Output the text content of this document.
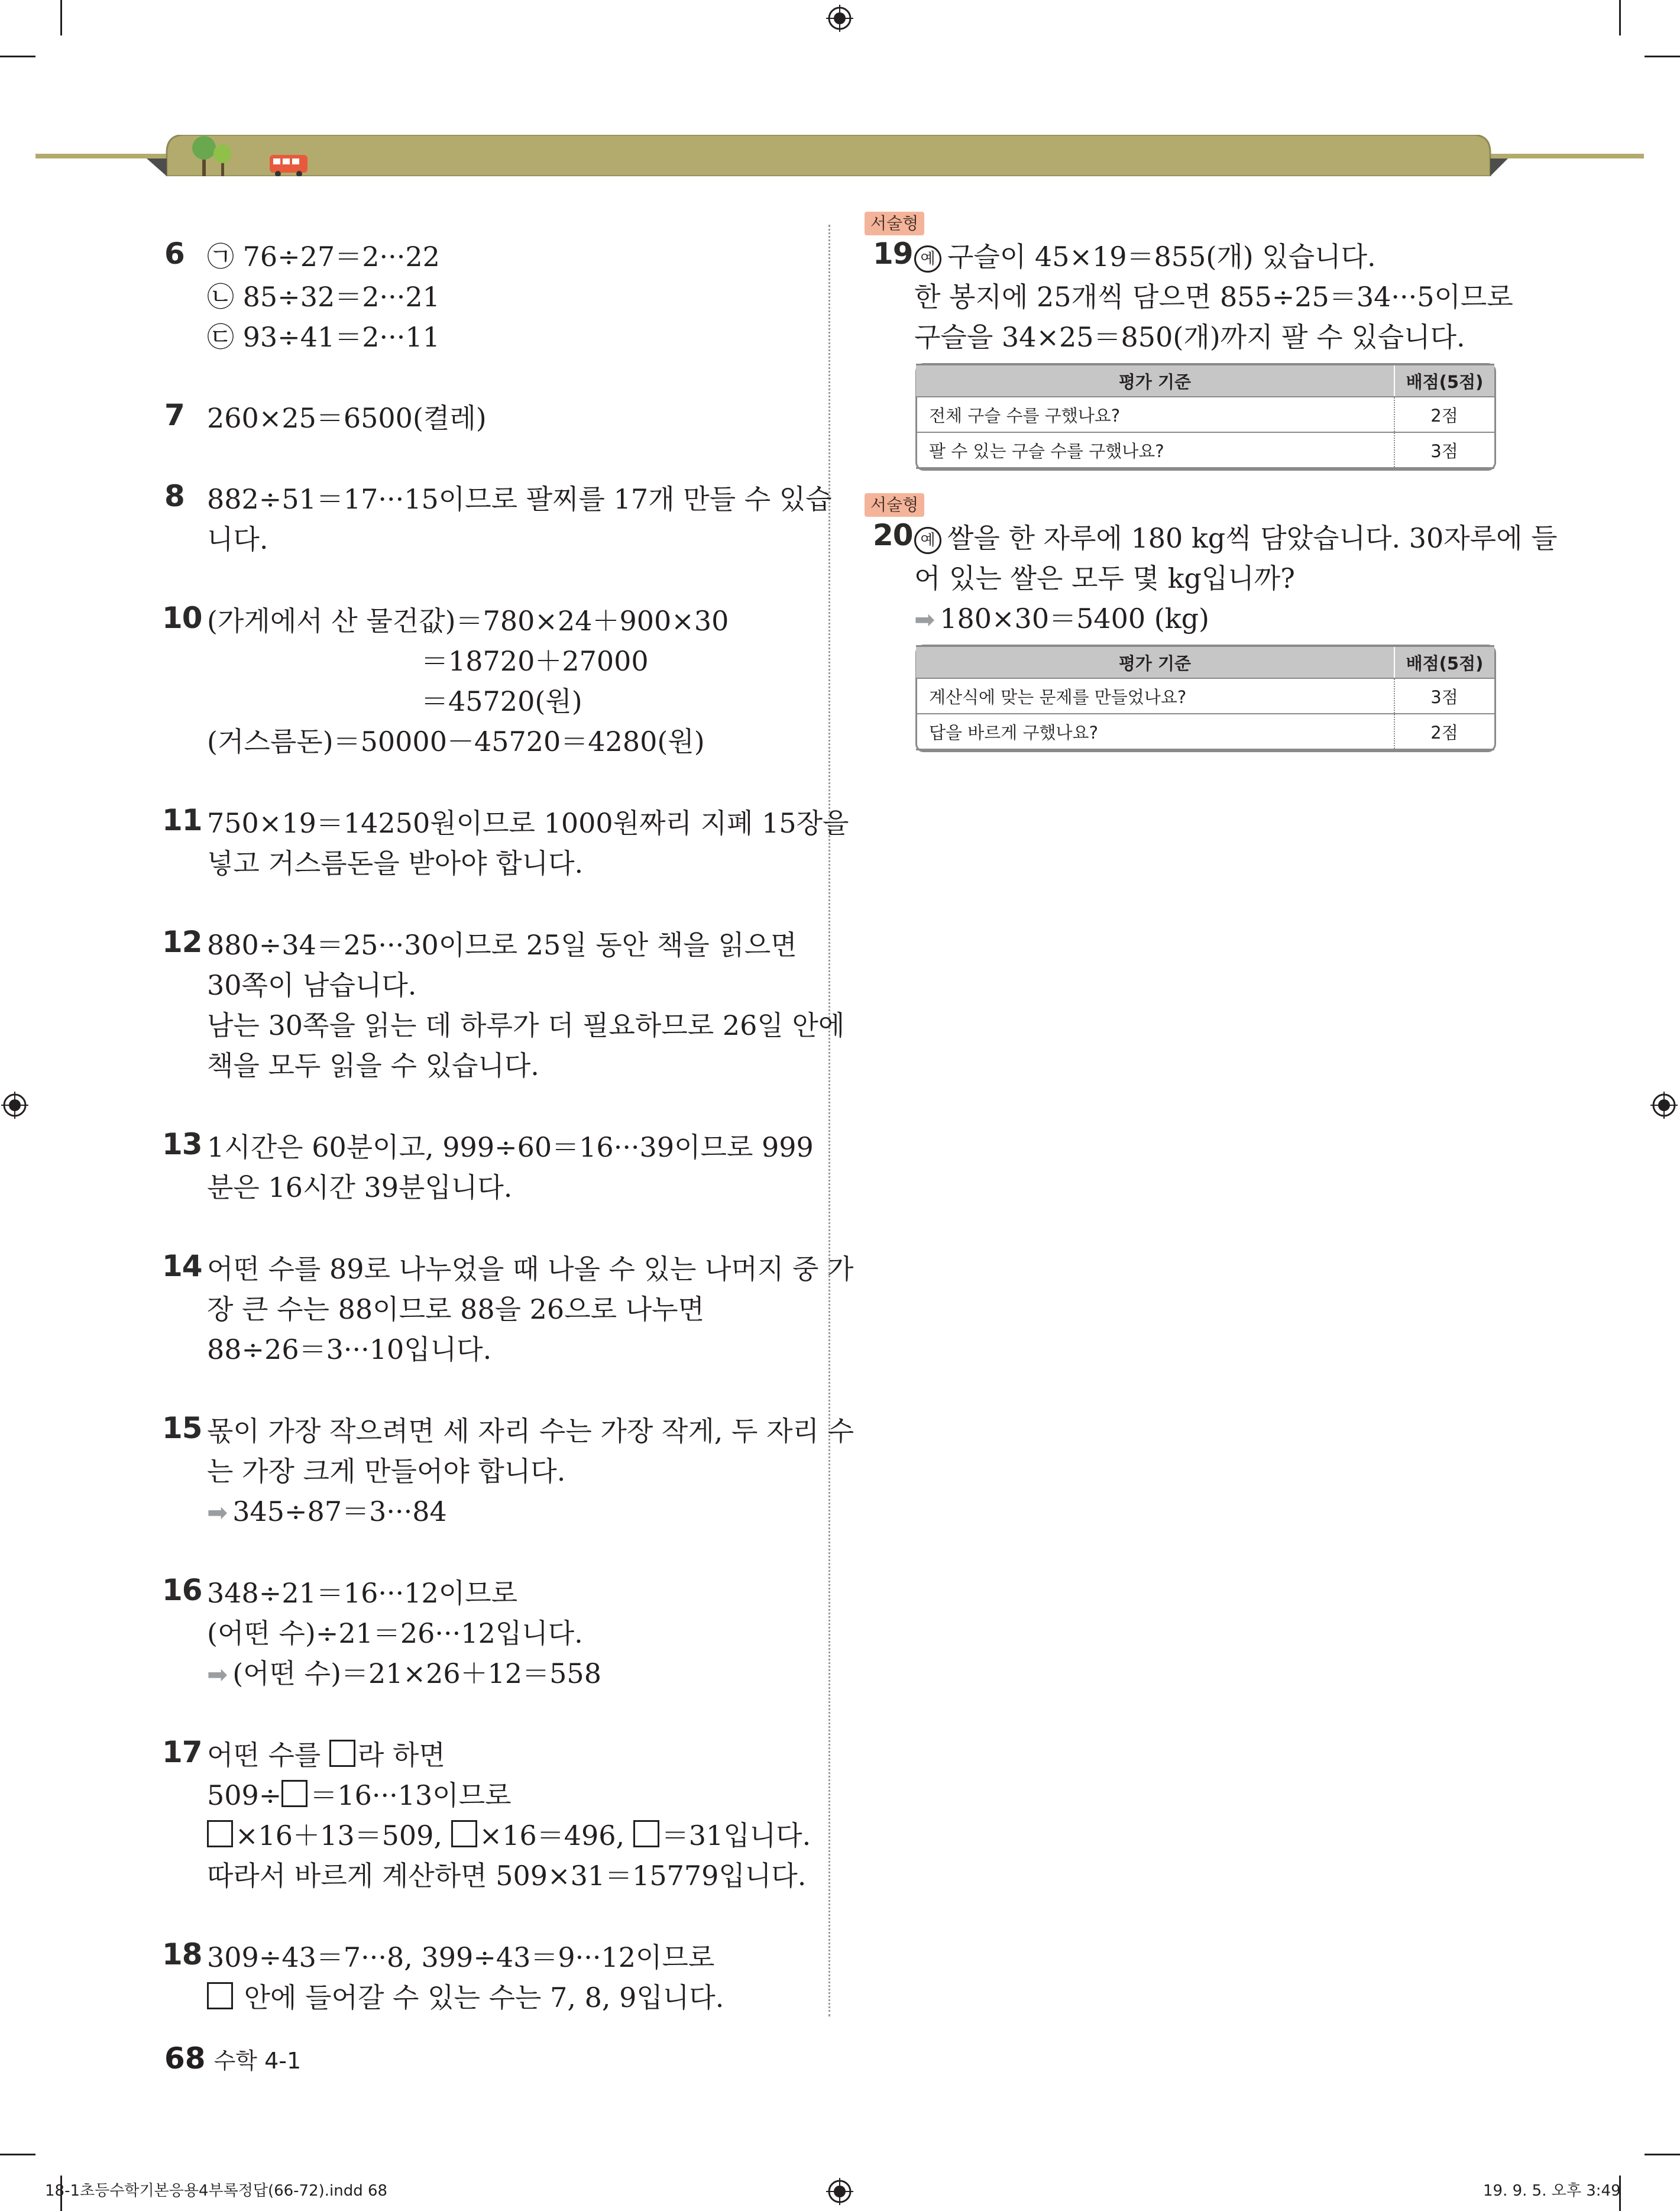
6 ㉠ 76÷27＝2···22
㉡ 85÷32＝2···21
㉢ 93÷41＝2···11
7 260×25＝6500(켤레)
8 882÷51＝17···15이므로 팔찌를 17개 만들 수 있습
니다.
10 (가게에서 산 물건값)＝780×24＋900×30
＝18720＋27000
＝45720(원)
(거스름돈)＝50000－45720＝4280(원)
11 750×19＝14250원이므로 1000원짜리 지폐 15장을
넣고 거스름돈을 받아야 합니다.
12 880÷34＝25···30이므로 25일 동안 책을 읽으면
30쪽이 남습니다.
남는 30쪽을 읽는 데 하루가 더 필요하므로 26일 안에
책을 모두 읽을 수 있습니다.
13 1시간은 60분이고, 999÷60＝16···39이므로 999
분은 16시간 39분입니다.
14 어떤 수를 89로 나누었을 때 나올 수 있는 나머지 중 가
장 큰 수는 88이므로 88을 26으로 나누면
88÷26＝3···10입니다.
15 몫이 가장 작으려면 세 자리 수는 가장 작게, 두 자리 수
는 가장 크게 만들어야 합니다.
➡ 345÷87＝3···84
16 348÷21＝16···12이므로
(어떤 수)÷21＝26···12입니다.
➡ (어떤 수)＝21×26＋12＝558
17 어떤 수를 라 하면
509÷ ＝16···13이므로
×16＋13＝509, ×16＝496, ＝31입니다.
따라서 바르게 계산하면 509×31＝15779입니다.
18 309÷43＝7···8, 399÷43＝9···12이므로
안에 들어갈 수 있는 수는 7, 8, 9입니다.
서술형
19 예 구슬이 45×19＝855(개) 있습니다.
한 봉지에 25개씩 담으면 855÷25＝34···5이므로
구슬을 34×25＝850(개)까지 팔 수 있습니다.
평가 기준	배점(5점)
전체 구슬 수를 구했나요?	2점
팔 수 있는 구슬 수를 구했나요?	3점
서술형
20 예 쌀을 한 자루에 180 kg씩 담았습니다. 30자루에 들
어 있는 쌀은 모두 몇 kg입니까?
➡ 180×30＝5400 (kg)
평가 기준	배점(5점)
계산식에 맞는 문제를 만들었나요?	3점
답을 바르게 구했나요?	2점
68 수학 4-1
18-1초등수학기본응용4부록정답(66-72).indd 68	19. 9. 5. 오후 3:49
